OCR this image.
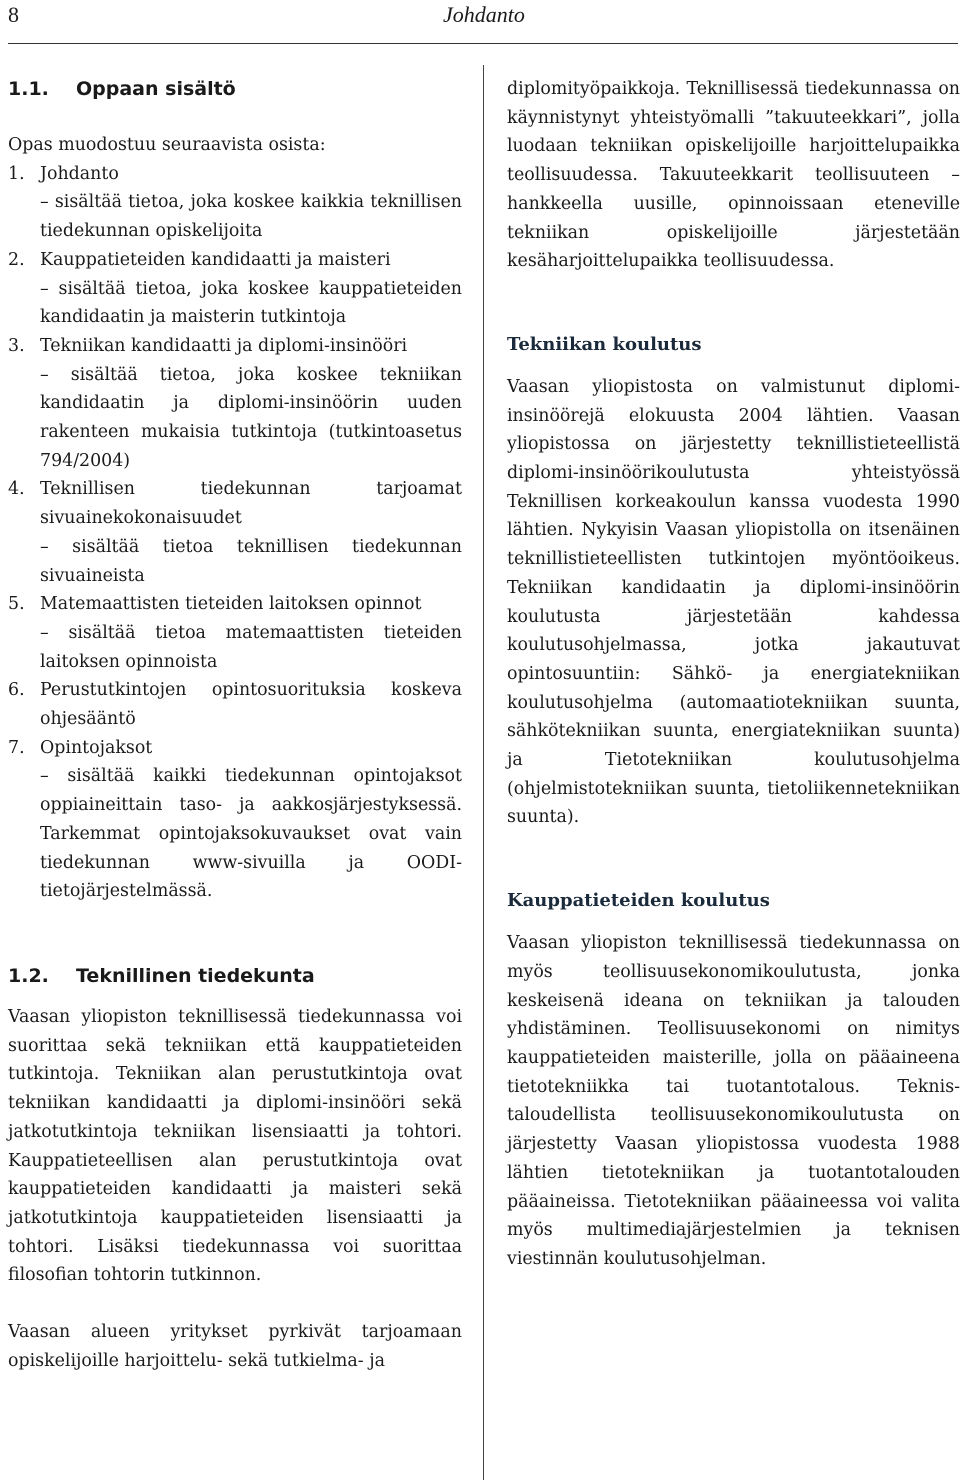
8	Johdanto
1.1.	Oppaan sisältö

Opas muodostuu seuraavista osista:

1. Johdanto
– sisältää tietoa, joka koskee kaikkia teknillisen tiedekunnan opiskelijoita
2. Kauppatieteiden kandidaatti ja maisteri
– sisältää tietoa, joka koskee kauppatieteiden kandidaatin ja maisterin tutkintoja
3. Tekniikan kandidaatti ja diplomi-insinööri
– sisältää tietoa, joka koskee tekniikan kandidaatin ja diplomi-insinöörin uuden rakenteen mukaisia tutkintoja (tutkintoasetus 794/2004)
4. Teknillisen tiedekunnan tarjoamat sivuainekokonaisuudet
– sisältää tietoa teknillisen tiedekunnan sivuaineista
5. Matemaattisten tieteiden laitoksen opinnot
– sisältää tietoa matemaattisten tieteiden laitoksen opinnoista
6. Perustutkintojen opintosuorituksia koskeva ohjesääntö
7. Opintojaksot
– sisältää kaikki tiedekunnan opintojaksot oppiaineittain taso- ja aakkosjärjestyksessä. Tarkemmat opintojaksokuvaukset ovat vain tiedekunnan www-sivuilla ja OODI-tietojärjestelmässä.
1.2.	Teknillinen tiedekunta

Vaasan yliopiston teknillisessä tiedekunnassa voi suorittaa sekä tekniikan että kauppatieteiden tutkintoja. Tekniikan alan perustutkintoja ovat tekniikan kandidaatti ja diplomi-insinööri sekä jatkotutkintoja tekniikan lisensiaatti ja tohtori. Kauppatieteellisen alan perustutkintoja ovat kauppatieteiden kandidaatti ja maisteri sekä jatkotutkintoja kauppatieteiden lisensiaatti ja tohtori. Lisäksi tiedekunnassa voi suorittaa filosofian tohtorin tutkinnon.

Vaasan alueen yritykset pyrkivät tarjoamaan opiskelijoille harjoittelu- sekä tutkielma- ja

diplomityöpaikkoja. Teknillisessä tiedekunnassa on käynnistynyt yhteistyömalli ”takuuteekkari”, jolla luodaan tekniikan opiskelijoille harjoittelupaikka teollisuudessa. Takuuteekkarit teollisuuteen –hankkeella uusille, opinnoissaan eteneville tekniikan opiskelijoille järjestetään kesäharjoittelupaikka teollisuudessa.

Tekniikan koulutus

Vaasan yliopistosta on valmistunut diplomi-insinöörejä elokuusta 2004 lähtien. Vaasan yliopistossa on järjestetty teknillistieteellistä diplomi-insinöörikoulutusta yhteistyössä Teknillisen korkeakoulun kanssa vuodesta 1990 lähtien. Nykyisin Vaasan yliopistolla on itsenäinen teknillistieteellisten tutkintojen myöntöoikeus. Tekniikan kandidaatin ja diplomi-insinöörin koulutusta järjestetään kahdessa koulutusohjelmassa, jotka jakautuvat opintosuuntiin: Sähkö- ja energiatekniikan koulutusohjelma (automaatiotekniikan suunta, sähkötekniikan suunta, energiatekniikan suunta) ja Tietotekniikan koulutusohjelma (ohjelmistotekniikan suunta, tietoliikennetekniikan suunta).

Kauppatieteiden koulutus

Vaasan yliopiston teknillisessä tiedekunnassa on myös teollisuusekonomikoulutusta, jonka keskeisenä ideana on tekniikan ja talouden yhdistäminen. Teollisuusekonomi on nimitys kauppatieteiden maisterille, jolla on pääaineena tietotekniikka tai tuotantotalous. Teknis-taloudellista teollisuusekonomikoulutusta on järjestetty Vaasan yliopistossa vuodesta 1988 lähtien tietotekniikan ja tuotantotalouden pääaineissa. Tietotekniikan pääaineessa voi valita myös multimediajärjestelmien ja teknisen viestinnän koulutusohjelman.
